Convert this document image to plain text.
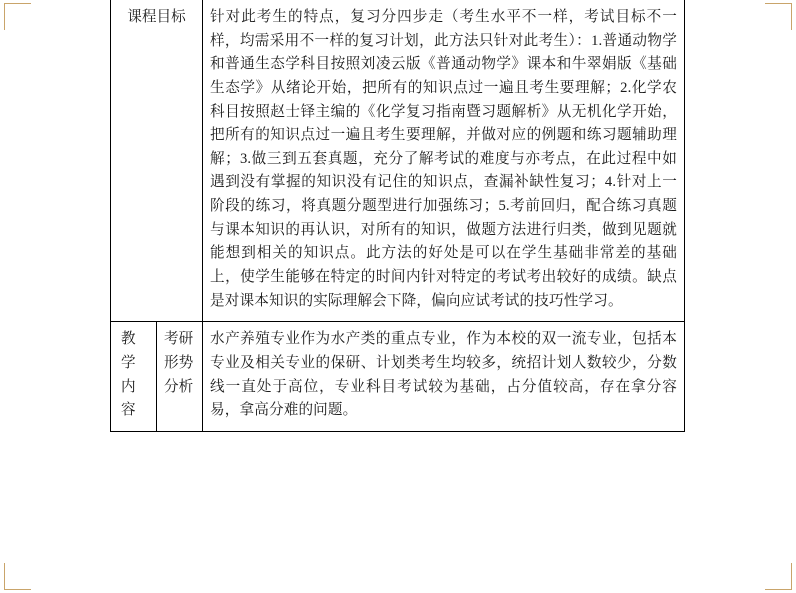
课程目标		针对此考生的特点，复习分四步走（考生水平不一样，考试目标不一样，均需采用不一样的复习计划，此方法只针对此考生）：1.普通动物学和普通生态学科目按照刘凌云版《普通动物学》课本和牛翠娟版《基础生态学》从绪论开始，把所有的知识点过一遍且考生要理解；2.化学农科目按照赵士铎主编的《化学复习指南暨习题解析》从无机化学开始，把所有的知识点过一遍且考生要理解，并做对应的例题和练习题辅助理解；3.做三到五套真题，充分了解考试的难度与亦考点，在此过程中如遇到没有掌握的知识没有记住的知识点，查漏补缺性复习；4.针对上一阶段的练习，将真题分题型进行加强练习；5.考前回归，配合练习真题与课本知识的再认识，对所有的知识，做题方法进行归类，做到见题就能想到相关的知识点。此方法的好处是可以在学生基础非常差的基础上，使学生能够在特定的时间内针对特定的考试考出较好的成绩。缺点是对课本知识的实际理解会下降，偏向应试考试的技巧性学习。

教 学 内 容	考研形势分析	水产养殖专业作为水产类的重点专业，作为本校的双一流专业，包括本专业及相关专业的保研、计划类考生均较多，统招计划人数较少，分数线一直处于高位，专业科目考试较为基础，占分值较高，存在拿分容易，拿高分难的问题。
